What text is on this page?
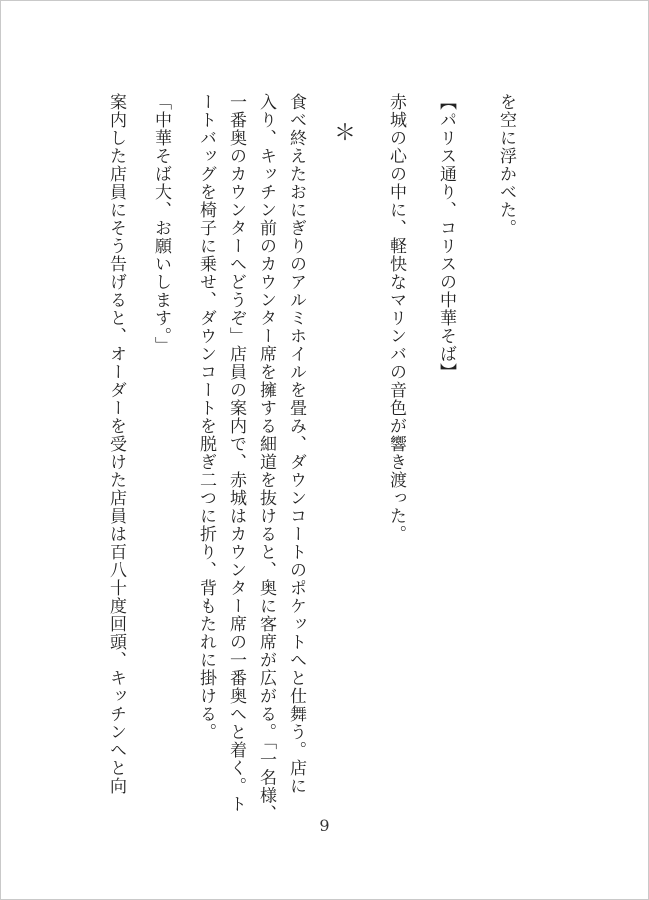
を空に浮かべた。

【パリス通り、コリスの中華そば】

赤城の心の中に、軽快なマリンバの音色が響き渡った。

＊

食べ終えたおにぎりのアルミホイルを畳み、ダウンコートのポケットへと仕舞う。店に

入り、キッチン前のカウンター席を擁する細道を抜けると、奥に客席が広がる。「一名様、

一番奥のカウンターへどうぞ」店員の案内で、赤城はカウンター席の一番奥へと着く。ト

ートバッグを椅子に乗せ、ダウンコートを脱ぎ二つに折り、背もたれに掛ける。

「中華そば大、お願いします。」

案内した店員にそう告げると、オーダーを受けた店員は百八十度回頭、キッチンへと向

9
